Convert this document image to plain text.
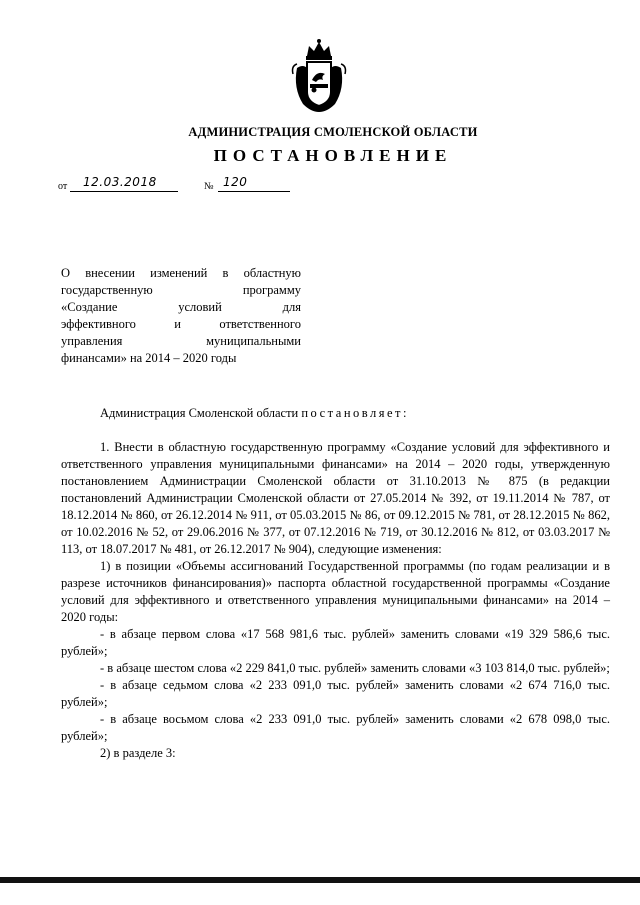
АДМИНИСТРАЦИЯ СМОЛЕНСКОЙ ОБЛАСТИ
ПОСТАНОВЛЕНИЕ
от 12.03.2018	№ 120
О внесении изменений в областную
государственную программу
«Создание условий для
эффективного и ответственного
управления муниципальными
финансами» на 2014 – 2020 годы

Администрация Смоленской области постановляет:

1. Внести в областную государственную программу «Создание условий для эффективного и ответственного управления муниципальными финансами» на 2014 – 2020 годы, утвержденную постановлением Администрации Смоленской области от 31.10.2013 № 875 (в редакции постановлений Администрации Смоленской области от 27.05.2014 № 392, от 19.11.2014 № 787, от 18.12.2014 № 860, от 26.12.2014 № 911, от 05.03.2015 № 86, от 09.12.2015 № 781, от 28.12.2015 № 862, от 10.02.2016 № 52, от 29.06.2016 № 377, от 07.12.2016 № 719, от 30.12.2016 № 812, от 03.03.2017 № 113, от 18.07.2017 № 481, от 26.12.2017 № 904), следующие изменения:

1) в позиции «Объемы ассигнований Государственной программы (по годам реализации и в разрезе источников финансирования)» паспорта областной государственной программы «Создание условий для эффективного и ответственного управления муниципальными финансами» на 2014 – 2020 годы:

- в абзаце первом слова «17 568 981,6 тыс. рублей» заменить словами «19 329 586,6 тыс. рублей»;

- в абзаце шестом слова «2 229 841,0 тыс. рублей» заменить словами «3 103 814,0 тыс. рублей»;

- в абзаце седьмом слова «2 233 091,0 тыс. рублей» заменить словами «2 674 716,0 тыс. рублей»;

- в абзаце восьмом слова «2 233 091,0 тыс. рублей» заменить словами «2 678 098,0 тыс. рублей»;

2) в разделе 3:
